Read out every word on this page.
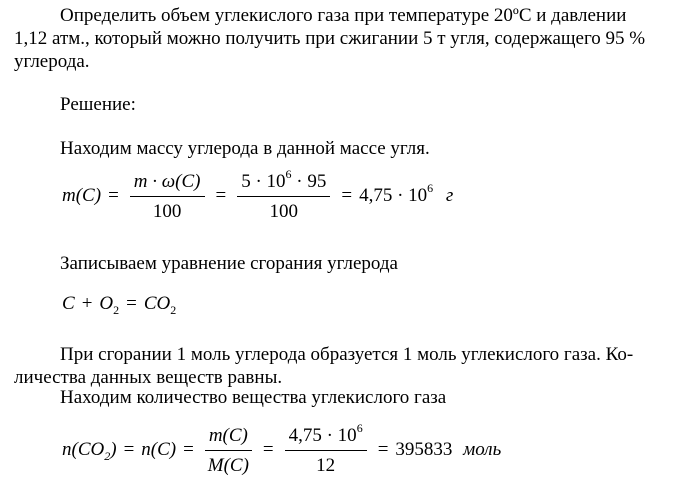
Определить объем углекислого газа при температуре 20ºС и давлении

1,12 атм., который можно получить при сжигании 5 т угля, содержащего 95 %

углерода.

Решение:

Находим массу углерода в данной массе угля.

$m(C) = \frac{m \cdot \omega(C)}{100} = \frac{5 \cdot 10^6 \cdot 95}{100} = 4,75 \cdot 10^6$ г

Записываем уравнение сгорания углерода

$C + O_2 = CO_2$

При сгорании 1 моль углерода образуется 1 моль углекислого газа. Ко-

личества данных веществ равны.

Находим количество вещества углекислого газа

$n(CO_2) = n(C) = \frac{m(C)}{M(C)} = \frac{4,75 \cdot 10^6}{12} = 395833$ моль
